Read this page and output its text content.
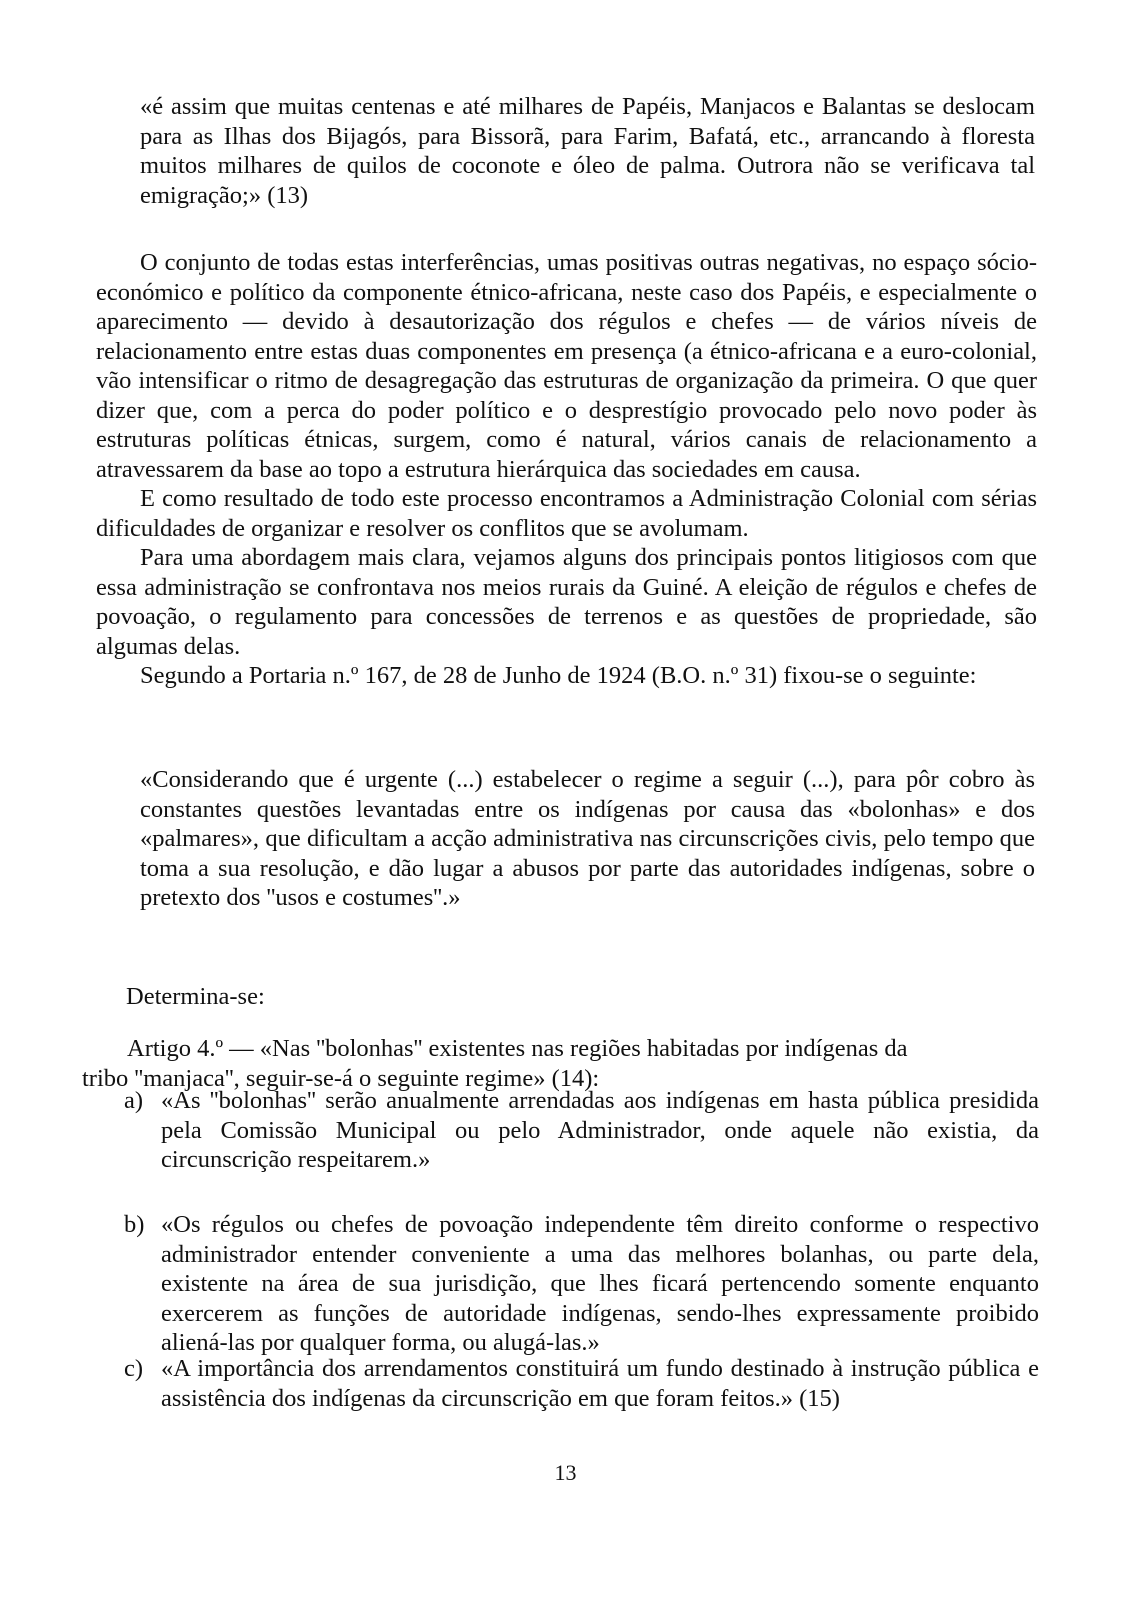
«é assim que muitas centenas e até milhares de Papéis, Manjacos e Balantas se deslocam para as Ilhas dos Bijagós, para Bissorã, para Farim, Bafatá, etc., arrancando à floresta muitos milhares de quilos de coconote e óleo de palma. Outrora não se verificava tal emigração;» (13)

O conjunto de todas estas interferências, umas positivas outras negativas, no espaço sócio-económico e político da componente étnico-africana, neste caso dos Papéis, e especialmente o aparecimento — devido à desautorização dos régulos e chefes — de vários níveis de relacionamento entre estas duas componentes em presença (a étnico-africana e a euro-colonial, vão intensificar o ritmo de desagregação das estruturas de organização da primeira. O que quer dizer que, com a perca do poder político e o desprestígio provocado pelo novo poder às estruturas políticas étnicas, surgem, como é natural, vários canais de relacionamento a atravessarem da base ao topo a estrutura hierárquica das sociedades em causa.

E como resultado de todo este processo encontramos a Administração Colonial com sérias dificuldades de organizar e resolver os conflitos que se avolumam.

Para uma abordagem mais clara, vejamos alguns dos principais pontos litigiosos com que essa administração se confrontava nos meios rurais da Guiné. A eleição de régulos e chefes de povoação, o regulamento para concessões de terrenos e as questões de propriedade, são algumas delas.

Segundo a Portaria n.º 167, de 28 de Junho de 1924 (B.O. n.º 31) fixou-se o seguinte:

«Considerando que é urgente (...) estabelecer o regime a seguir (...), para pôr cobro às constantes questões levantadas entre os indígenas por causa das «bolonhas» e dos «palmares», que dificultam a acção administrativa nas circunscrições civis, pelo tempo que toma a sua resolução, e dão lugar a abusos por parte das autoridades indígenas, sobre o pretexto dos ''usos e costumes''.»

Determina-se:

Artigo 4.º — «Nas ''bolonhas'' existentes nas regiões habitadas por indígenas da
tribo ''manjaca'', seguir-se-á o seguinte regime» (14):
a) «As ''bolonhas'' serão anualmente arrendadas aos indígenas em hasta pública presidida pela Comissão Municipal ou pelo Administrador, onde aquele não existia, da circunscrição respeitarem.»
b) «Os régulos ou chefes de povoação independente têm direito conforme o respectivo administrador entender conveniente a uma das melhores bolanhas, ou parte dela, existente na área de sua jurisdição, que lhes ficará pertencendo somente enquanto exercerem as funções de autoridade indígenas, sendo-lhes expressamente proibido aliená-las por qualquer forma, ou alugá-las.»
c) «A importância dos arrendamentos constituirá um fundo destinado à instrução pública e assistência dos indígenas da circunscrição em que foram feitos.» (15)
13
